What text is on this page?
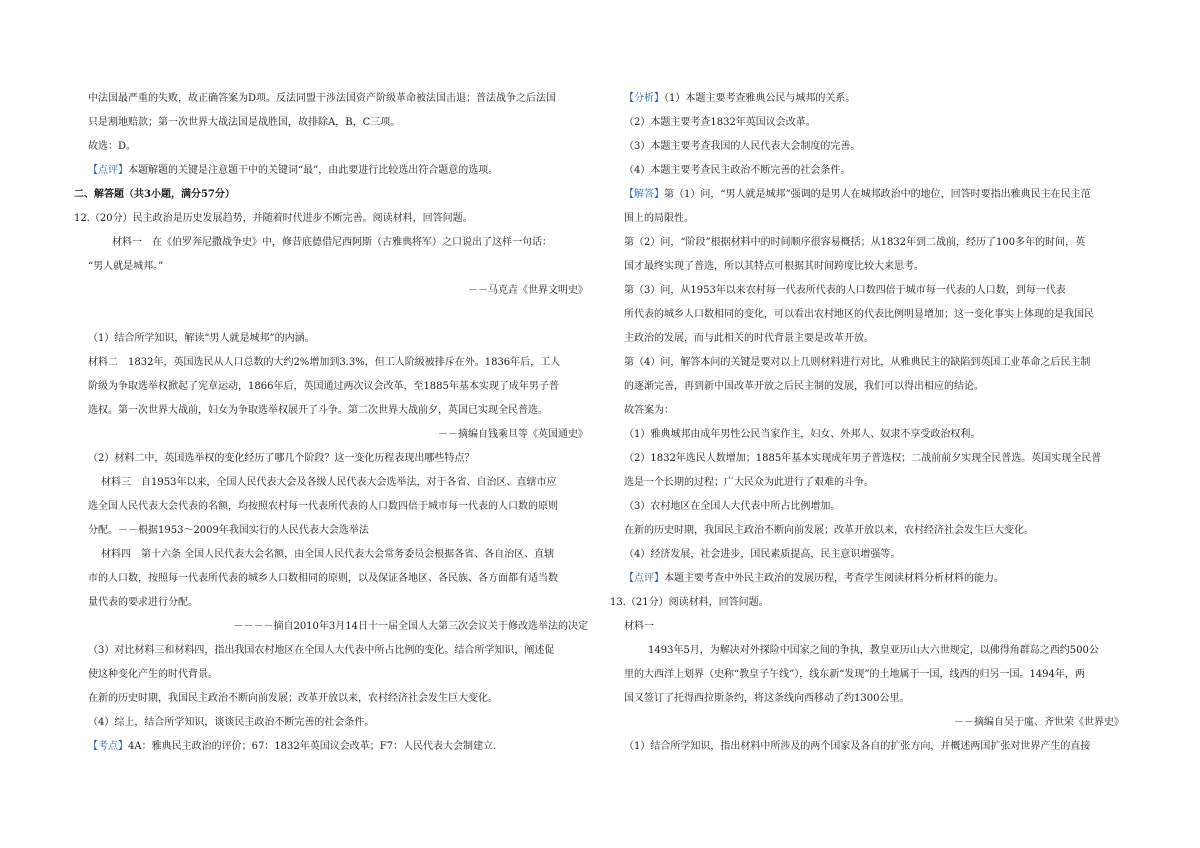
中法国最严重的失败，故正确答案为D项。反法同盟干涉法国资产阶级革命被法国击退；普法战争之后法国
只是割地赔款；第一次世界大战法国是战胜国，故排除A，B，C三项。
故选：D。
【点评】本题解题的关键是注意题干中的关键词“最”，由此要进行比较选出符合题意的选项。
二、解答题（共3小题，满分57分）
12.（20分）民主政治是历史发展趋势，并随着时代进步不断完善。阅读材料，回答问题。
材料一　在《伯罗奔尼撒战争史》中，修昔底德借尼西阿斯（古雅典将军）之口说出了这样一句话：
“男人就是城邦。”
－－马克垚《世界文明史》
（1）结合所学知识，解读“男人就是城邦”的内涵。
材料二　1832年，英国选民从人口总数的大约2%增加到3.3%，但工人阶级被排斥在外。1836年后，工人
阶级为争取选举权掀起了宪章运动，1866年后，英国通过两次议会改革，至1885年基本实现了成年男子普
选权。第一次世界大战前，妇女为争取选举权展开了斗争。第二次世界大战前夕，英国已实现全民普选。
－－摘编自钱乘旦等《英国通史》
（2）材料二中，英国选举权的变化经历了哪几个阶段？这一变化历程表现出哪些特点？
材料三　自1953年以来，全国人民代表大会及各级人民代表大会选举法，对于各省、自治区、直辖市应
选全国人民代表大会代表的名额，均按照农村每一代表所代表的人口数四倍于城市每一代表的人口数的原则
分配。－－根据1953～2009年我国实行的人民代表大会选举法
材料四　第十六条 全国人民代表大会名额，由全国人民代表大会常务委员会根据各省、各自治区、直辖
市的人口数，按照每一代表所代表的城乡人口数相同的原则，以及保证各地区、各民族、各方面都有适当数
量代表的要求进行分配。
－－－－摘自2010年3月14日十一届全国人大第三次会议关于修改选举法的决定
（3）对比材料三和材料四，指出我国农村地区在全国人大代表中所占比例的变化。结合所学知识，阐述促
使这种变化产生的时代背景。
在新的历史时期，我国民主政治不断向前发展；改革开放以来，农村经济社会发生巨大变化。
（4）综上，结合所学知识，谈谈民主政治不断完善的社会条件。
【考点】4A：雅典民主政治的评价；67：1832年英国议会改革；F7：人民代表大会制建立.
【分析】（1）本题主要考查雅典公民与城邦的关系。
（2）本题主要考查1832年英国议会改革。
（3）本题主要考查我国的人民代表大会制度的完善。
（4）本题主要考查民主政治不断完善的社会条件。
【解答】第（1）问，“男人就是城邦”强调的是男人在城邦政治中的地位，回答时要指出雅典民主在民主范
围上的局限性。
第（2）问，“阶段”根据材料中的时间顺序很容易概括；从1832年到二战前，经历了100多年的时间，英
国才最终实现了普选，所以其特点可根据其时间跨度比较大来思考。
第（3）问，从1953年以来农村每一代表所代表的人口数四倍于城市每一代表的人口数，到每一代表
所代表的城乡人口数相同的变化，可以看出农村地区的代表比例明显增加；这一变化事实上体现的是我国民
主政治的发展，而与此相关的时代背景主要是改革开放。
第（4）问，解答本问的关键是要对以上几则材料进行对比，从雅典民主的缺陷到英国工业革命之后民主制
的逐渐完善，再到新中国改革开放之后民主制的发展，我们可以得出相应的结论。
故答案为：
（1）雅典城邦由成年男性公民当家作主，妇女、外邦人、奴隶不享受政治权利。
（2）1832年选民人数增加；1885年基本实现成年男子普选权；二战前前夕实现全民普选。英国实现全民普
选是一个长期的过程；广大民众为此进行了艰难的斗争。
（3）农村地区在全国人大代表中所占比例增加。
在新的历史时期，我国民主政治不断向前发展；改革开放以来，农村经济社会发生巨大变化。
（4）经济发展，社会进步，国民素质提高，民主意识增强等。
【点评】本题主要考查中外民主政治的发展历程，考查学生阅读材料分析材料的能力。
13.（21分）阅读材料，回答问题。
材料一
1493年5月，为解决对外探险中国家之间的争执，教皇亚历山大六世规定，以佛得角群岛之西约500公
里的大西洋上划界（史称“教皇子午线”），线东新“发现”的土地属于一国，线西的归另一国。1494年，两
国又签订了托得西拉斯条约，将这条线向西移动了约1300公里。
－－摘编自吴于廑、齐世荣《世界史》
（1）结合所学知识，指出材料中所涉及的两个国家及各自的扩张方向，并概述两国扩张对世界产生的直接
